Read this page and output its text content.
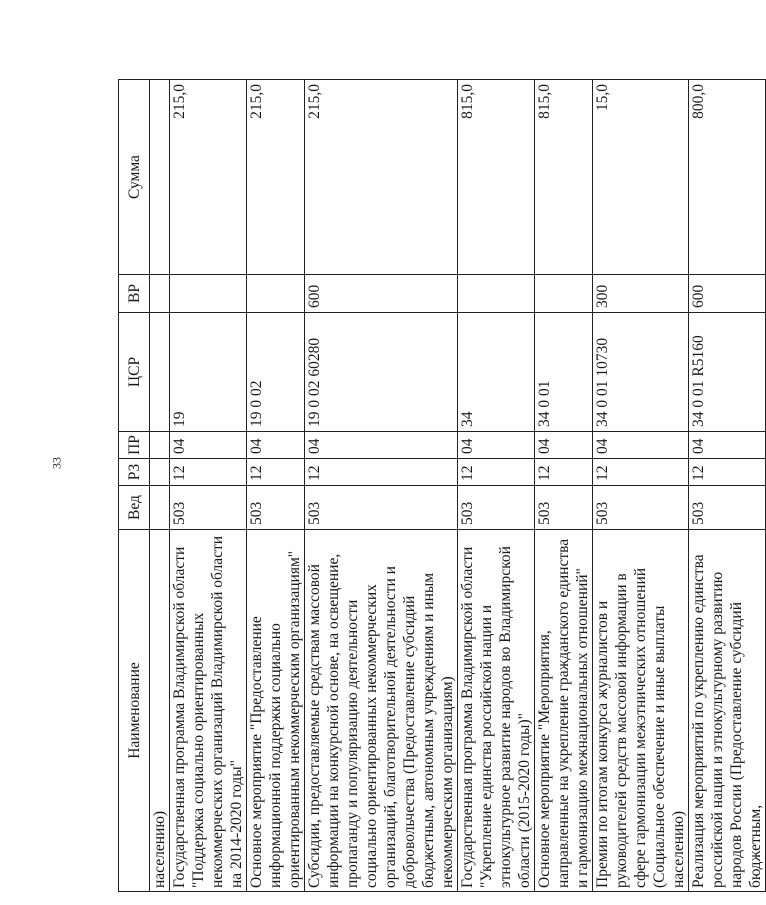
33
Наименование	Вед	РЗ	ПР	ЦСР	ВР	Сумма
населению)						
Государственная программа Владимирской области "Поддержка социально ориентированных некоммерческих организаций Владимирской области на 2014-2020 годы"	503	12	04	19		215,0
Основное мероприятие "Предоставление информационной поддержки социально ориентированным некоммерческим организациям"	503	12	04	19 0 02		215,0
Субсидии, предоставляемые средствам массовой информации на конкурсной основе, на освещение, пропаганду и популяризацию деятельности социально ориентированных некоммерческих организаций, благотворительной деятельности и добровольчества (Предоставление субсидий бюджетным, автономным учреждениям и иным некоммерческим организациям)	503	12	04	19 0 02 60280	600	215,0
Государственная программа Владимирской области "Укрепление единства российской нации и этнокультурное развитие народов во Владимирской области (2015-2020 годы)"	503	12	04	34		815,0
Основное мероприятие "Мероприятия, направленные на укрепление гражданского единства и гармонизацию межнациональных отношений"	503	12	04	34 0 01		815,0
Премии по итогам конкурса журналистов и руководителей средств массовой информации в сфере гармонизации межэтнических отношений (Социальное обеспечение и иные выплаты населению)	503	12	04	34 0 01 10730	300	15,0
Реализация мероприятий по укреплению единства российской нации и этнокультурному развитию народов России (Предоставление субсидий бюджетным,	503	12	04	34 0 01 R5160	600	800,0
